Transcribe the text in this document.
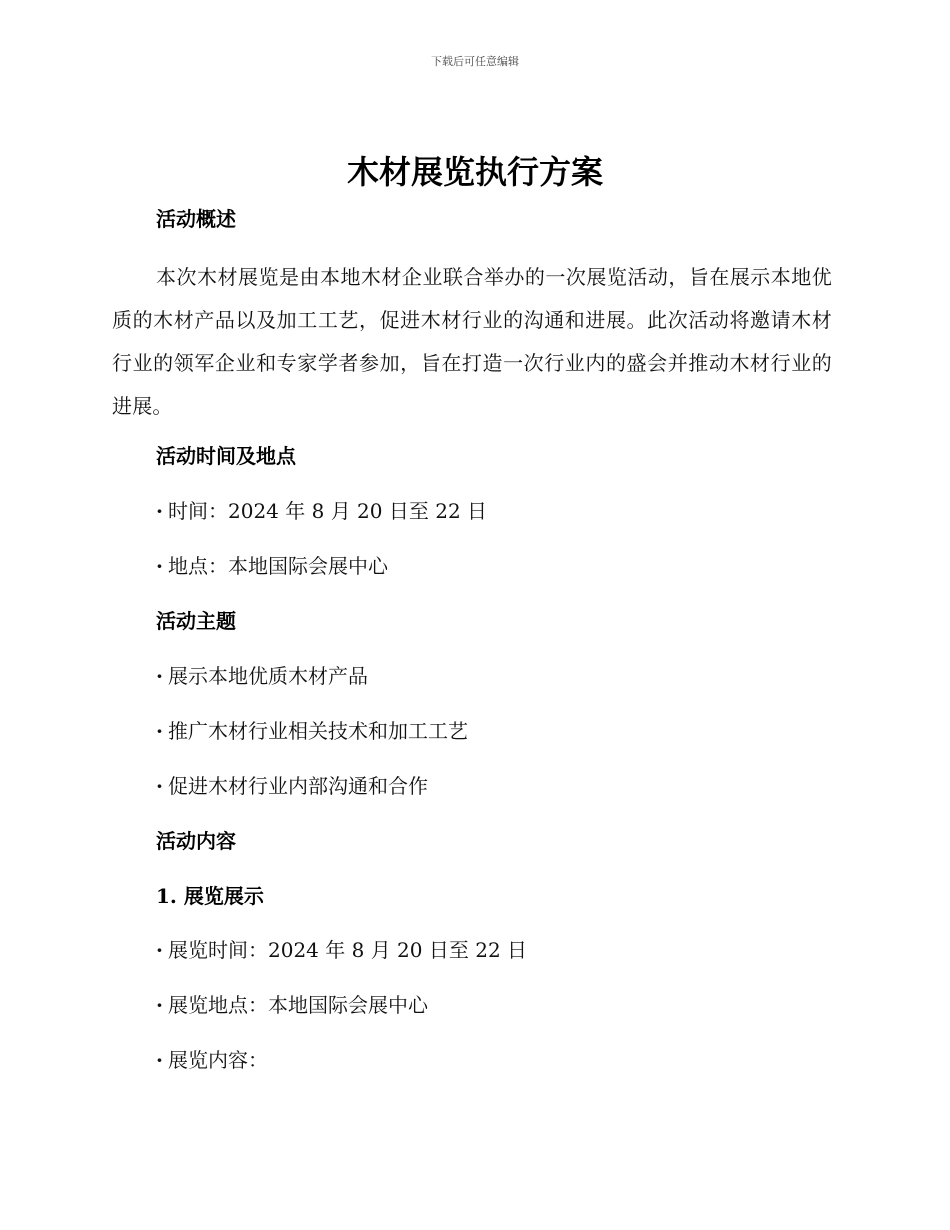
下载后可任意编辑
木材展览执行方案
活动概述

本次木材展览是由本地木材企业联合举办的一次展览活动，旨在展示本地优质的木材产品以及加工工艺，促进木材行业的沟通和进展。此次活动将邀请木材行业的领军企业和专家学者参加，旨在打造一次行业内的盛会并推动木材行业的进展。

活动时间及地点
· 时间：2024 年 8 月 20 日至 22 日
· 地点：本地国际会展中心
活动主题
· 展示本地优质木材产品
· 推广木材行业相关技术和加工工艺
· 促进木材行业内部沟通和合作
活动内容
1. 展览展示
· 展览时间：2024 年 8 月 20 日至 22 日
· 展览地点：本地国际会展中心
· 展览内容：
